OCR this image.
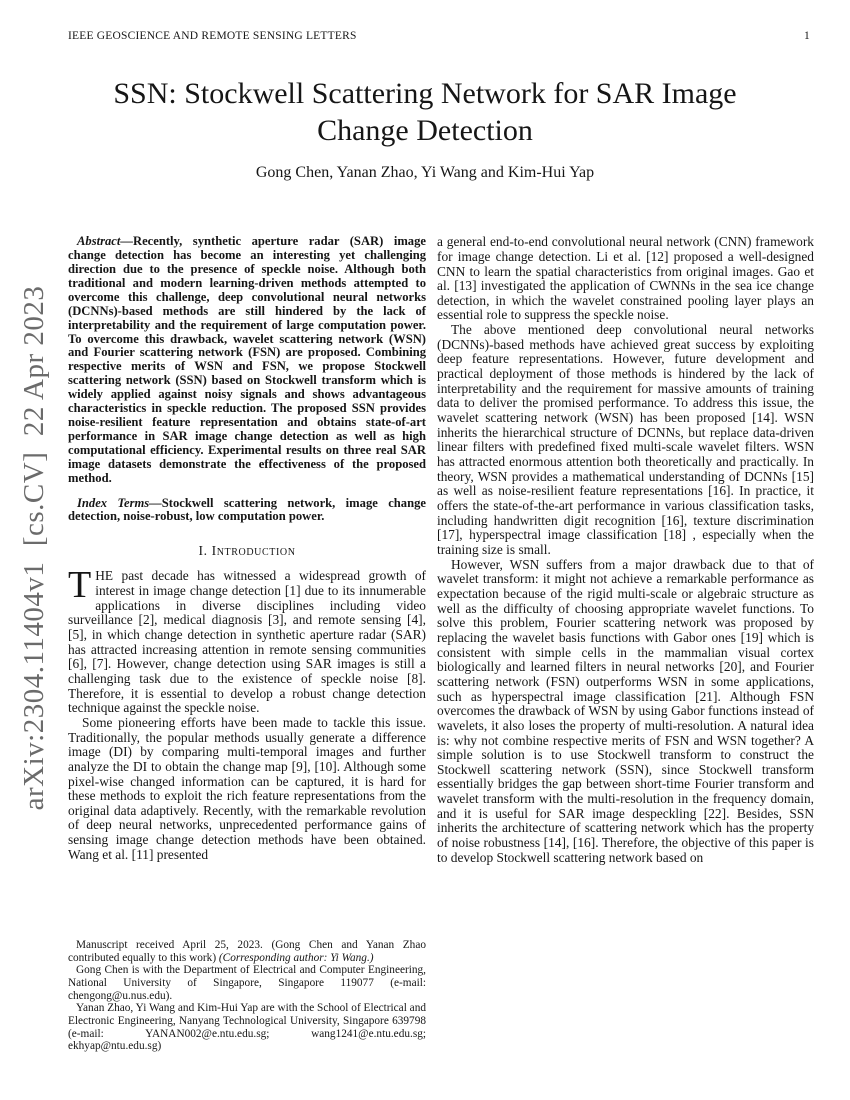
arXiv:2304.11404v1  [cs.CV]  22 Apr 2023
IEEE GEOSCIENCE AND REMOTE SENSING LETTERS	1
SSN: Stockwell Scattering Network for SAR Image
Change Detection
Gong Chen, Yanan Zhao, Yi Wang and Kim-Hui Yap

Abstract—Recently, synthetic aperture radar (SAR) image change detection has become an interesting yet challenging direction due to the presence of speckle noise. Although both traditional and modern learning-driven methods attempted to overcome this challenge, deep convolutional neural networks (DCNNs)-based methods are still hindered by the lack of interpretability and the requirement of large computation power. To overcome this drawback, wavelet scattering network (WSN) and Fourier scattering network (FSN) are proposed. Combining respective merits of WSN and FSN, we propose Stockwell scattering network (SSN) based on Stockwell transform which is widely applied against noisy signals and shows advantageous characteristics in speckle reduction. The proposed SSN provides noise-resilient feature representation and obtains state-of-art performance in SAR image change detection as well as high computational efficiency. Experimental results on three real SAR image datasets demonstrate the effectiveness of the proposed method.

Index Terms—Stockwell scattering network, image change detection, noise-robust, low computation power.

I. Introduction

THE past decade has witnessed a widespread growth of interest in image change detection [1] due to its innumerable applications in diverse disciplines including video surveillance [2], medical diagnosis [3], and remote sensing [4], [5], in which change detection in synthetic aperture radar (SAR) has attracted increasing attention in remote sensing communities [6], [7]. However, change detection using SAR images is still a challenging task due to the existence of speckle noise [8]. Therefore, it is essential to develop a robust change detection technique against the speckle noise.

Some pioneering efforts have been made to tackle this issue. Traditionally, the popular methods usually generate a difference image (DI) by comparing multi-temporal images and further analyze the DI to obtain the change map [9], [10]. Although some pixel-wise changed information can be captured, it is hard for these methods to exploit the rich feature representations from the original data adaptively. Recently, with the remarkable revolution of deep neural networks, unprecedented performance gains of sensing image change detection methods have been obtained. Wang et al. [11] presented

Manuscript received April 25, 2023. (Gong Chen and Yanan Zhao contributed equally to this work) (Corresponding author: Yi Wang.)

Gong Chen is with the Department of Electrical and Computer Engineering, National University of Singapore, Singapore 119077 (e-mail: chengong@u.nus.edu).

Yanan Zhao, Yi Wang and Kim-Hui Yap are with the School of Electrical and Electronic Engineering, Nanyang Technological University, Singapore 639798 (e-mail: YANAN002@e.ntu.edu.sg; wang1241@e.ntu.edu.sg; ekhyap@ntu.edu.sg)

a general end-to-end convolutional neural network (CNN) framework for image change detection. Li et al. [12] proposed a well-designed CNN to learn the spatial characteristics from original images. Gao et al. [13] investigated the application of CWNNs in the sea ice change detection, in which the wavelet constrained pooling layer plays an essential role to suppress the speckle noise.

The above mentioned deep convolutional neural networks (DCNNs)-based methods have achieved great success by exploiting deep feature representations. However, future development and practical deployment of those methods is hindered by the lack of interpretability and the requirement for massive amounts of training data to deliver the promised performance. To address this issue, the wavelet scattering network (WSN) has been proposed [14]. WSN inherits the hierarchical structure of DCNNs, but replace data-driven linear filters with predefined fixed multi-scale wavelet filters. WSN has attracted enormous attention both theoretically and practically. In theory, WSN provides a mathematical understanding of DCNNs [15] as well as noise-resilient feature representations [16]. In practice, it offers the state-of-the-art performance in various classification tasks, including handwritten digit recognition [16], texture discrimination [17], hyperspectral image classification [18] , especially when the training size is small.

However, WSN suffers from a major drawback due to that of wavelet transform: it might not achieve a remarkable performance as expectation because of the rigid multi-scale or algebraic structure as well as the difficulty of choosing appropriate wavelet functions. To solve this problem, Fourier scattering network was proposed by replacing the wavelet basis functions with Gabor ones [19] which is consistent with simple cells in the mammalian visual cortex biologically and learned filters in neural networks [20], and Fourier scattering network (FSN) outperforms WSN in some applications, such as hyperspectral image classification [21]. Although FSN overcomes the drawback of WSN by using Gabor functions instead of wavelets, it also loses the property of multi-resolution. A natural idea is: why not combine respective merits of FSN and WSN together? A simple solution is to use Stockwell transform to construct the Stockwell scattering network (SSN), since Stockwell transform essentially bridges the gap between short-time Fourier transform and wavelet transform with the multi-resolution in the frequency domain, and it is useful for SAR image despeckling [22]. Besides, SSN inherits the architecture of scattering network which has the property of noise robustness [14], [16]. Therefore, the objective of this paper is to develop Stockwell scattering network based on
